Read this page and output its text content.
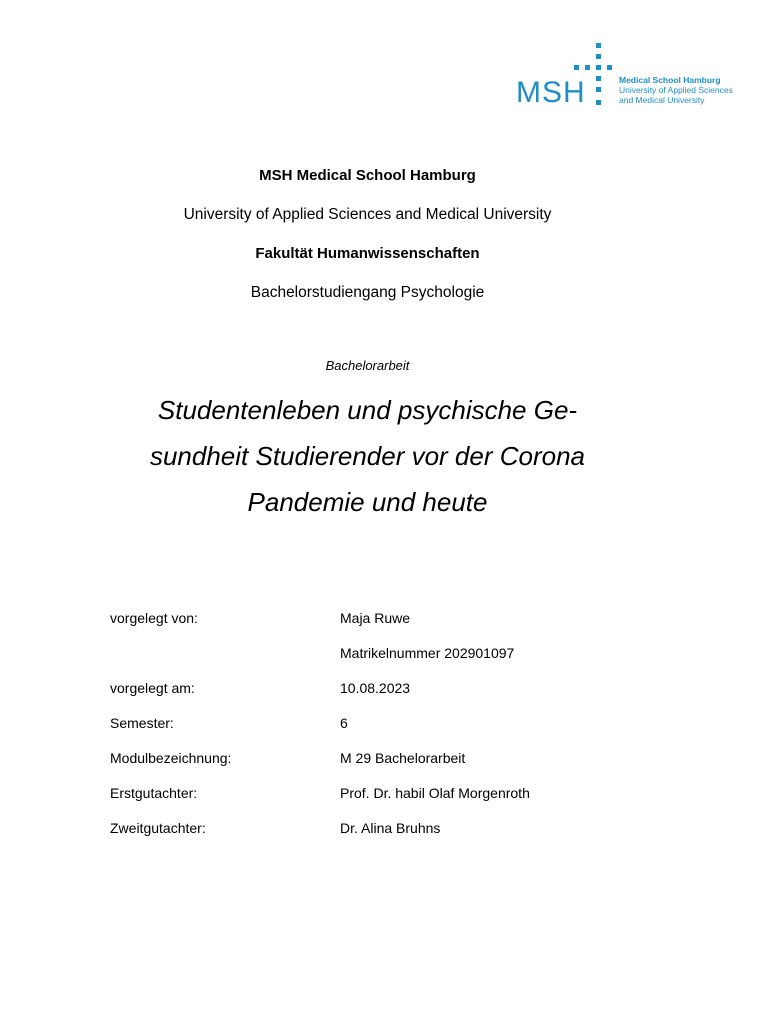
MSH	Medical School Hamburg
University of Applied Sciences
and Medical University
MSH Medical School Hamburg
University of Applied Sciences and Medical University
Fakultät Humanwissenschaften
Bachelorstudiengang Psychologie
Bachelorarbeit
Studentenleben und psychische Ge-
sundheit Studierender vor der Corona
Pandemie und heute
vorgelegt von:	Maja Ruwe
Matrikelnummer 202901097
vorgelegt am:	10.08.2023
Semester:	6
Modulbezeichnung:	M 29 Bachelorarbeit
Erstgutachter:	Prof. Dr. habil Olaf Morgenroth
Zweitgutachter:	Dr. Alina Bruhns
